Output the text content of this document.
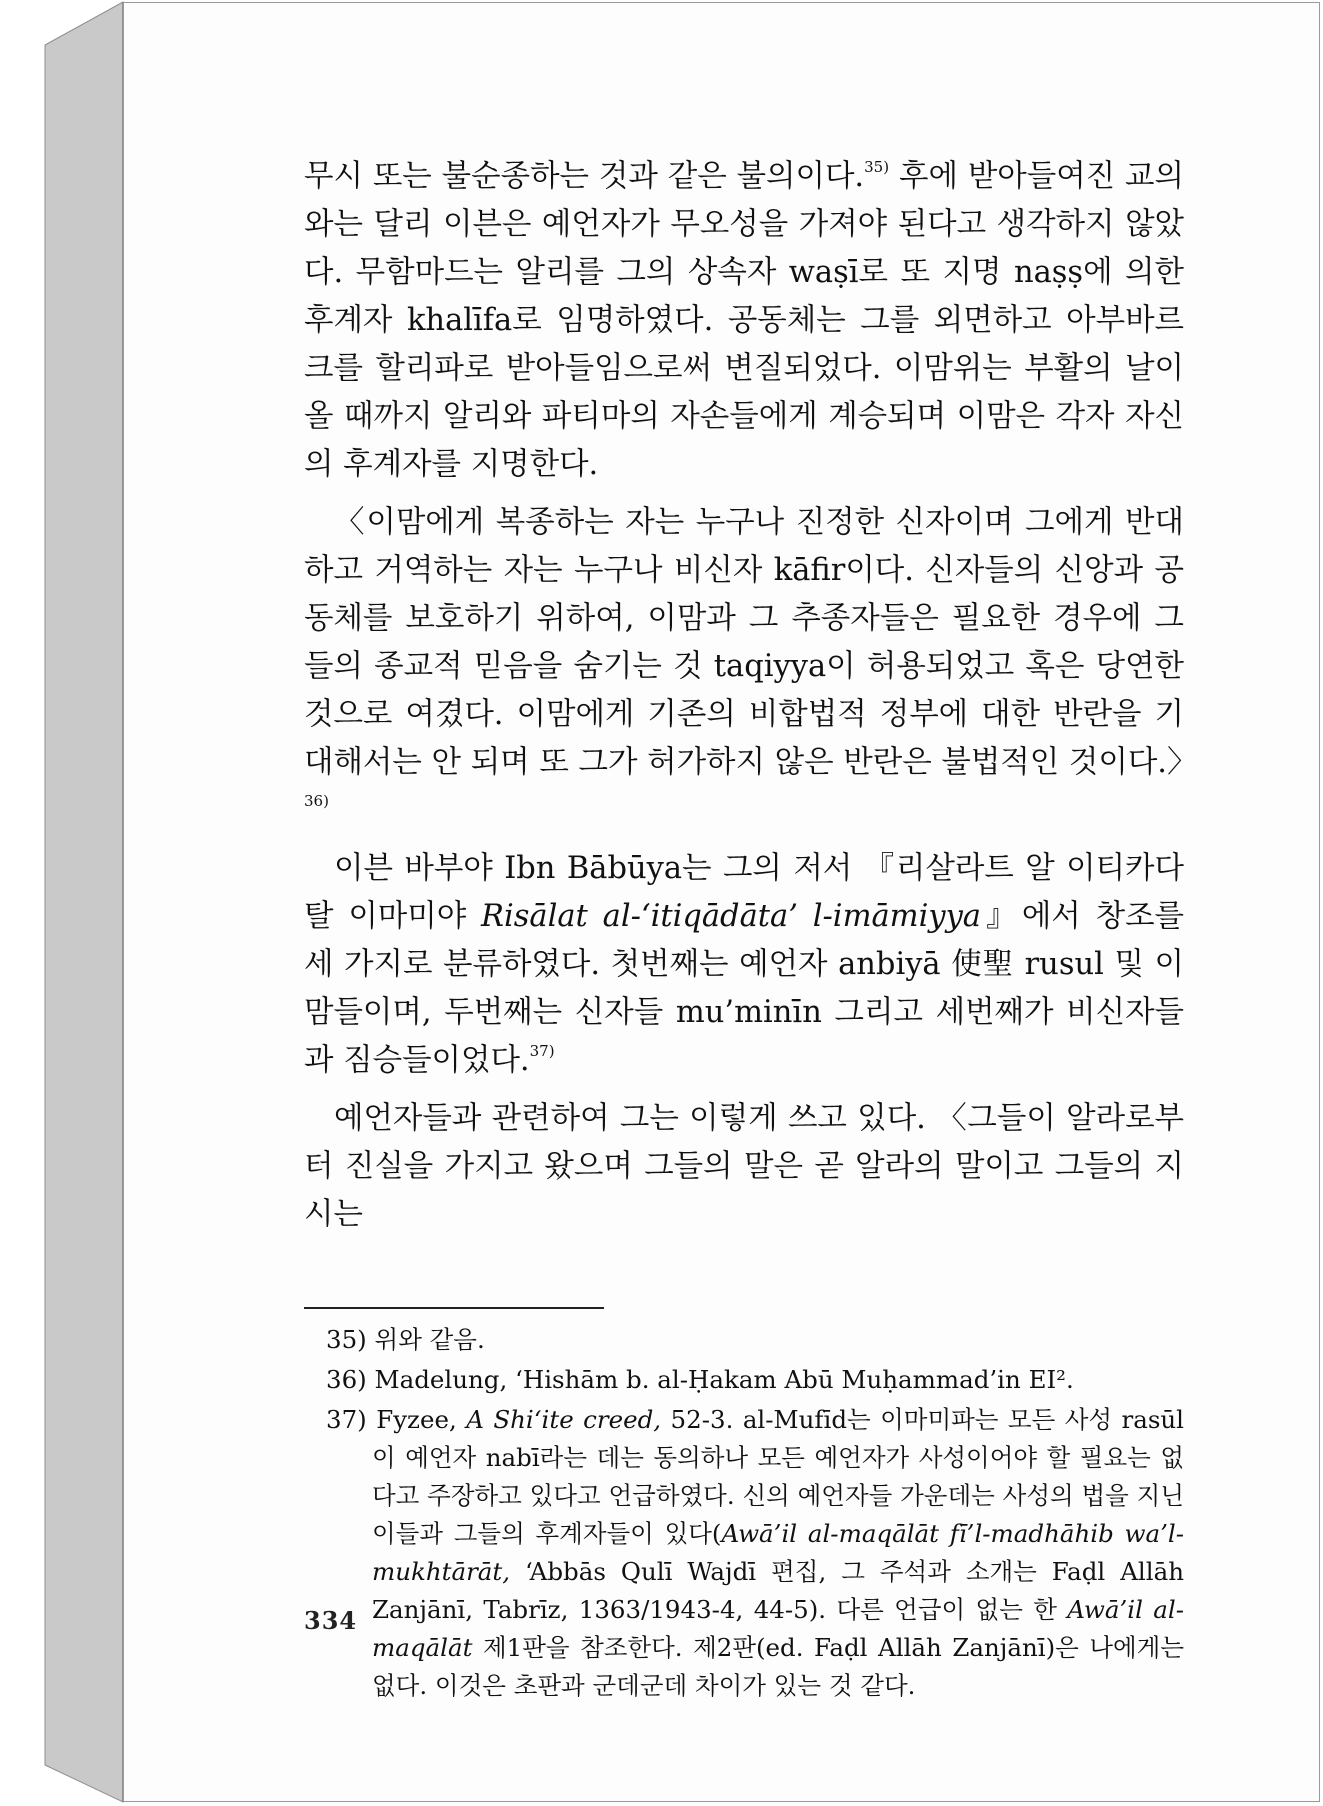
무시 또는 불순종하는 것과 같은 불의이다.$^{35)}$ 후에 받아들여진 교의와는 달리 이븐은 예언자가 무오성을 가져야 된다고 생각하지 않았다. 무함마드는 알리를 그의 상속자 waṣī로 또 지명 naṣṣ에 의한 후계자 khalīfa로 임명하였다. 공동체는 그를 외면하고 아부바르크를 할리파로 받아들임으로써 변질되었다. 이맘위는 부활의 날이 올 때까지 알리와 파티마의 자손들에게 계승되며 이맘은 각자 자신의 후계자를 지명한다.

〈이맘에게 복종하는 자는 누구나 진정한 신자이며 그에게 반대하고 거역하는 자는 누구나 비신자 kāfir이다. 신자들의 신앙과 공동체를 보호하기 위하여, 이맘과 그 추종자들은 필요한 경우에 그들의 종교적 믿음을 숨기는 것 taqiyya이 허용되었고 혹은 당연한 것으로 여겼다. 이맘에게 기존의 비합법적 정부에 대한 반란을 기대해서는 안 되며 또 그가 허가하지 않은 반란은 불법적인 것이다.〉$^{36)}$

이븐 바부야 Ibn Bābūya는 그의 저서 『리살라트 알 이티카다탈 이마미야 Risālat al-‘itiqādāta’ l-imāmiyya』에서 창조를 세 가지로 분류하였다. 첫번째는 예언자 anbiyā 使聖 rusul 및 이맘들이며, 두번째는 신자들 mu’minīn 그리고 세번째가 비신자들과 짐승들이었다.$^{37)}$

예언자들과 관련하여 그는 이렇게 쓰고 있다. 〈그들이 알라로부터 진실을 가지고 왔으며 그들의 말은 곧 알라의 말이고 그들의 지시는

35) 위와 같음.
36) Madelung, ‘Hishām b. al-Ḥakam Abū Muḥammad’in EI².
37) Fyzee, A Shi‘ite creed, 52-3. al-Mufīd는 이마미파는 모든 사성 rasūl이 예언자 nabī라는 데는 동의하나 모든 예언자가 사성이어야 할 필요는 없다고 주장하고 있다고 언급하였다. 신의 예언자들 가운데는 사성의 법을 지닌 이들과 그들의 후계자들이 있다(Awā’il al-maqālāt fī’l-madhāhib wa’l-mukhtārāt, ‘Abbās Qulī Wajdī 편집, 그 주석과 소개는 Faḍl Allāh Zanjānī, Tabrīz, 1363/1943-4, 44-5). 다른 언급이 없는 한 Awā’il al-maqālāt 제1판을 참조한다. 제2판(ed. Faḍl Allāh Zanjānī)은 나에게는 없다. 이것은 초판과 군데군데 차이가 있는 것 같다.
334
